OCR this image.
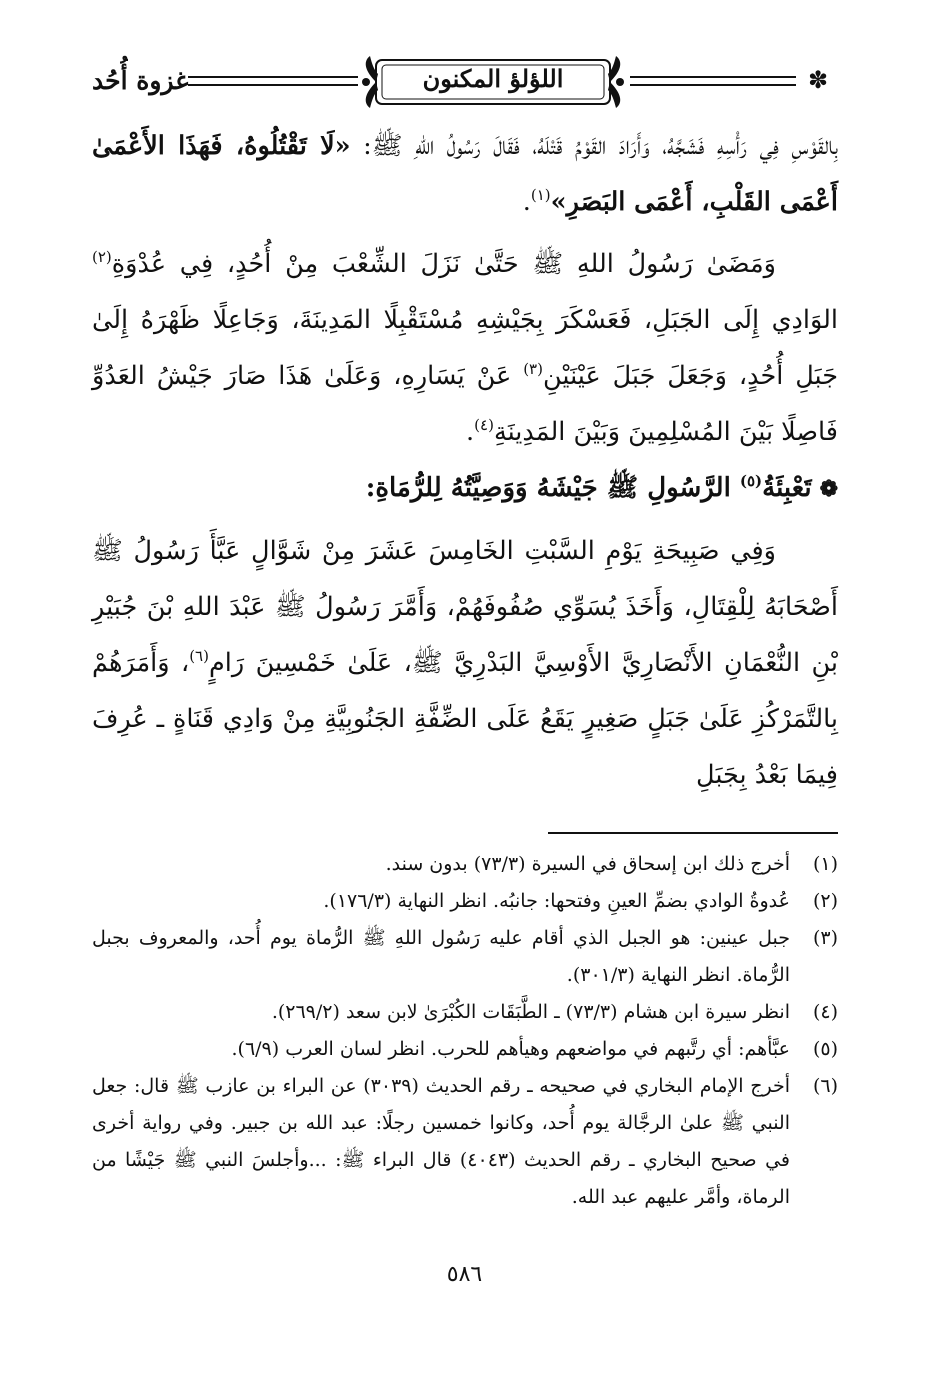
غزوة أُحُد	اللؤلؤ المكنون	✽

بِالقَوْسِ فِي رَأْسِهِ فَشَجَّهُ، وَأَرَادَ القَوْمُ قَتْلَهُ، فَقَالَ رَسُولُ اللهِ ﷺ: «لَا تَقْتُلُوهُ، فَهَذَا الأَعْمَىٰ أَعْمَى القَلْبِ، أَعْمَى البَصَرِ»$^{(١)}$.

وَمَضَىٰ رَسُولُ اللهِ ﷺ حَتَّىٰ نَزَلَ الشِّعْبَ مِنْ أُحُدٍ، فِي عُدْوَةِ$^{(٢)}$ الوَادِي إِلَى الجَبَلِ، فَعَسْكَرَ بِجَيْشِهِ مُسْتَقْبِلًا المَدِينَةَ، وَجَاعِلًا ظَهْرَهُ إِلَىٰ جَبَلِ أُحُدٍ، وَجَعَلَ جَبَلَ عَيْنَيْنِ$^{(٣)}$ عَنْ يَسَارِهِ، وَعَلَىٰ هَذَا صَارَ جَيْشُ العَدُوِّ فَاصِلًا بَيْنَ المُسْلِمِينَ وَبَيْنَ المَدِينَةِ$^{(٤)}$.

❁تَعْبِئَةُ$^{(٥)}$ الرَّسُولِ ﷺ جَيْشَهُ وَوَصِيَّتُهُ لِلرُّمَاةِ:

وَفِي صَبِيحَةِ يَوْمِ السَّبْتِ الخَامِسَ عَشَرَ مِنْ شَوَّالٍ عَبَّأَ رَسُولُ ﷺ أَصْحَابَهُ لِلْقِتَالِ، وَأَخَذَ يُسَوِّي صُفُوفَهُمْ، وَأَمَّرَ رَسُولُ ﷺ عَبْدَ اللهِ بْنَ جُبَيْرِ بْنِ النُّعْمَانِ الأَنْصَارِيَّ الأَوْسِيَّ البَدْرِيَّ ﷺ، عَلَىٰ خَمْسِينَ رَامٍ$^{(٦)}$، وَأَمَرَهُمْ بِالتَّمَرْكُزِ عَلَىٰ جَبَلٍ صَغِيرٍ يَقَعُ عَلَى الضِّفَّةِ الجَنُوبِيَّةِ مِنْ وَادِي قَنَاةٍ ـ عُرِفَ فِيمَا بَعْدُ بِجَبَلِ

(١)
أخرج ذلك ابن إسحاق في السيرة (٧٣/٣) بدون سند.
(٢)
عُدوةُ الوادي بضمِّ العينِ وفتحها: جانبُه. انظر النهاية (١٧٦/٣).
(٣)
جبل عينين: هو الجبل الذي أقام عليه رَسُول اللهِ ﷺ الرُّماة يوم أُحد، والمعروف بجبل الرُّماة. انظر النهاية (٣٠١/٣).
(٤)
انظر سيرة ابن هشام (٧٣/٣) ـ الطَّبَقَات الكُبْرَىٰ لابن سعد (٢٦٩/٢).
(٥)
عبَّأهم: أي رتَّبهم في مواضعهم وهيأهم للحرب. انظر لسان العرب (٦/٩).
(٦)
أخرج الإمام البخاري في صحيحه ـ رقم الحديث (٣٠٣٩) عن البراء بن عازب ﷺ قال: جعل النبي ﷺ علىٰ الرجَّالة يوم أُحد، وكانوا خمسين رجلًا: عبد الله بن جبير. وفي رواية أخرى في صحيح البخاري ـ رقم الحديث (٤٠٤٣) قال البراء ﷺ: ...وأجلسَ النبي ﷺ جَيْشًا من الرماة، وأمَّر عليهم عبد الله.
٥٨٦
